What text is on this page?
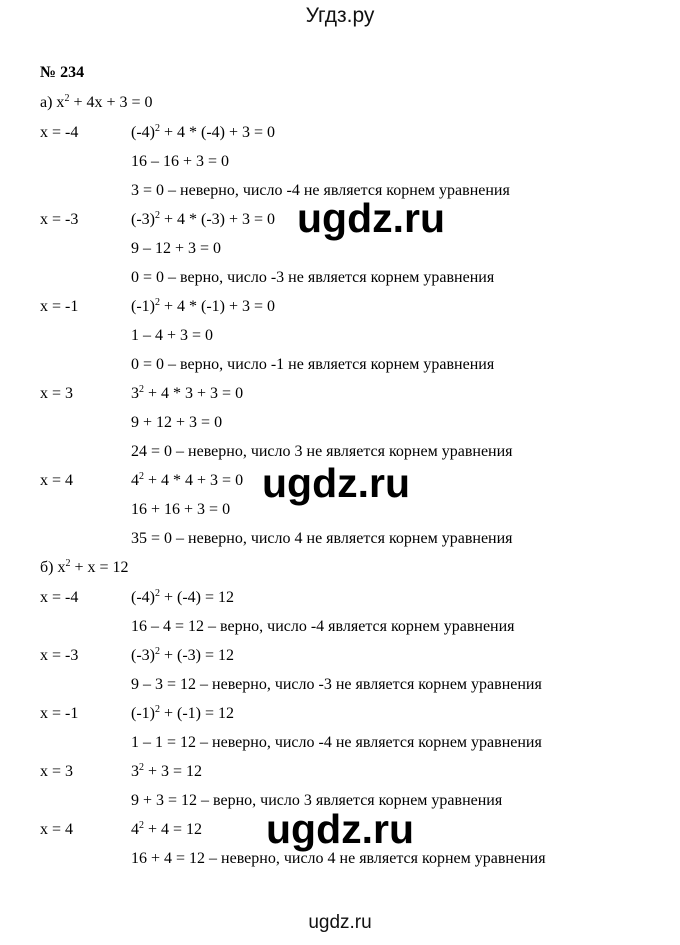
Угдз.ру
№ 234
а) $x^2 + 4x + 3 = 0$
x = -4	$(-4)^2 + 4 * (-4) + 3 = 0$
16 – 16 + 3 = 0
3 = 0 – неверно, число -4 не является корнем уравнения
x = -3	$(-3)^2 + 4 * (-3) + 3 = 0$
9 – 12 + 3 = 0
0 = 0 – верно, число -3 не является корнем уравнения
x = -1	$(-1)^2 + 4 * (-1) + 3 = 0$
1 – 4 + 3 = 0
0 = 0 – верно, число -1 не является корнем уравнения
x = 3	$3^2 + 4 * 3 + 3 = 0$
9 + 12 + 3 = 0
24 = 0 – неверно, число 3 не является корнем уравнения
x = 4	$4^2 + 4 * 4 + 3 = 0$
16 + 16 + 3 = 0
35 = 0 – неверно, число 4 не является корнем уравнения
б) $x^2 + x = 12$
x = -4	$(-4)^2 + (-4) = 12$
16 – 4 = 12 – верно, число -4 является корнем уравнения
x = -3	$(-3)^2 + (-3) = 12$
9 – 3 = 12 – неверно, число -3 не является корнем уравнения
x = -1	$(-1)^2 + (-1) = 12$
1 – 1 = 12 – неверно, число -4 не является корнем уравнения
x = 3	$3^2 + 3 = 12$
9 + 3 = 12 – верно, число 3 является корнем уравнения
x = 4	$4^2 + 4 = 12$
16 + 4 = 12 – неверно, число 4 не является корнем уравнения
ugdz.ru
ugdz.ru
ugdz.ru
ugdz.ru
